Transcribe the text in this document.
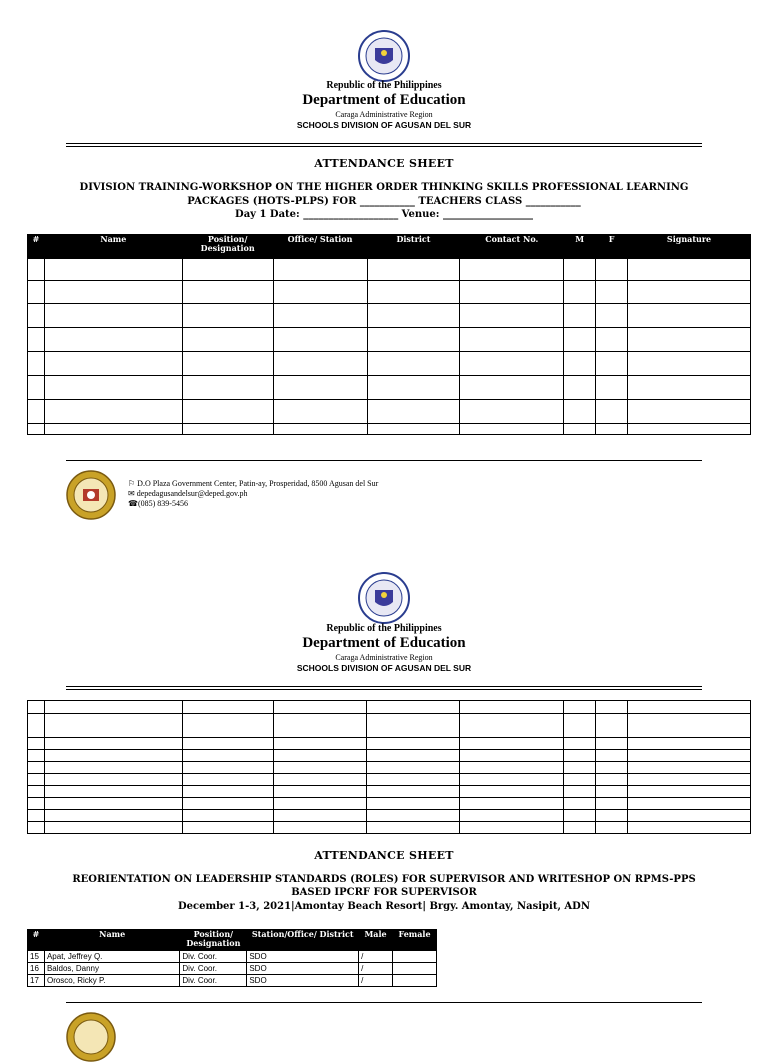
Republic of the Philippines
Department of Education
Caraga Administrative Region
SCHOOLS DIVISION OF AGUSAN DEL SUR
ATTENDANCE SHEET
DIVISION TRAINING-WORKSHOP ON THE HIGHER ORDER THINKING SKILLS PROFESSIONAL LEARNING
PACKAGES (HOTS-PLPS) FOR ___________ TEACHERS CLASS ___________
Day 1 Date: ___________________ Venue: __________________
#	Name	Position/ Designation	Office/ Station	District	Contact No.	M	F	Signature

⚐ D.O Plaza Government Center, Patin-ay, Prosperidad, 8500 Agusan del Sur
✉ depedagusandelsur@deped.gov.ph
☎(085) 839-5456
Republic of the Philippines
Department of Education
Caraga Administrative Region
SCHOOLS DIVISION OF AGUSAN DEL SUR

ATTENDANCE SHEET
REORIENTATION ON LEADERSHIP STANDARDS (ROLES) FOR SUPERVISOR AND WRITESHOP ON RPMS-PPS
BASED IPCRF FOR SUPERVISOR
December 1-3, 2021|Amontay Beach Resort| Brgy. Amontay, Nasipit, ADN
#	Name	Position/ Designation	Station/Office/ District	Male	Female
15	Apat, Jeffrey Q.	Div. Coor.	SDO	/	
16	Baldos, Danny	Div. Coor.	SDO	/	
17	Orosco, Ricky P.	Div. Coor.	SDO	/	
